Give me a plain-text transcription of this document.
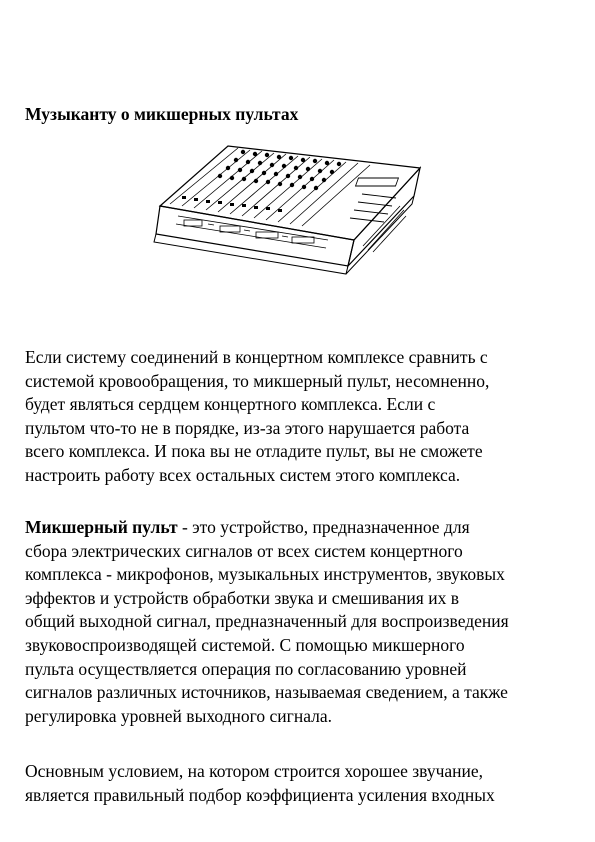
Музыканту о микшерных пультах

Если систему соединений в концертном комплексе сравнить с
системой кровообращения, то микшерный пульт, несомненно,
будет являться сердцем концертного комплекса. Если с
пультом что-то не в порядке, из-за этого нарушается работа
всего комплекса. И пока вы не отладите пульт, вы не сможете
настроить работу всех остальных систем этого комплекса.

Микшерный пульт - это устройство, предназначенное для
сбора электрических сигналов от всех систем концертного
комплекса - микрофонов, музыкальных инструментов, звуковых
эффектов и устройств обработки звука и смешивания их в
общий выходной сигнал, предназначенный для воспроизведения
звуковоспроизводящей системой. С помощью микшерного
пульта осуществляется операция по согласованию уровней
сигналов различных источников, называемая сведением, а также
регулировка уровней выходного сигнала.

Основным условием, на котором строится хорошее звучание,
является правильный подбор коэффициента усиления входных
